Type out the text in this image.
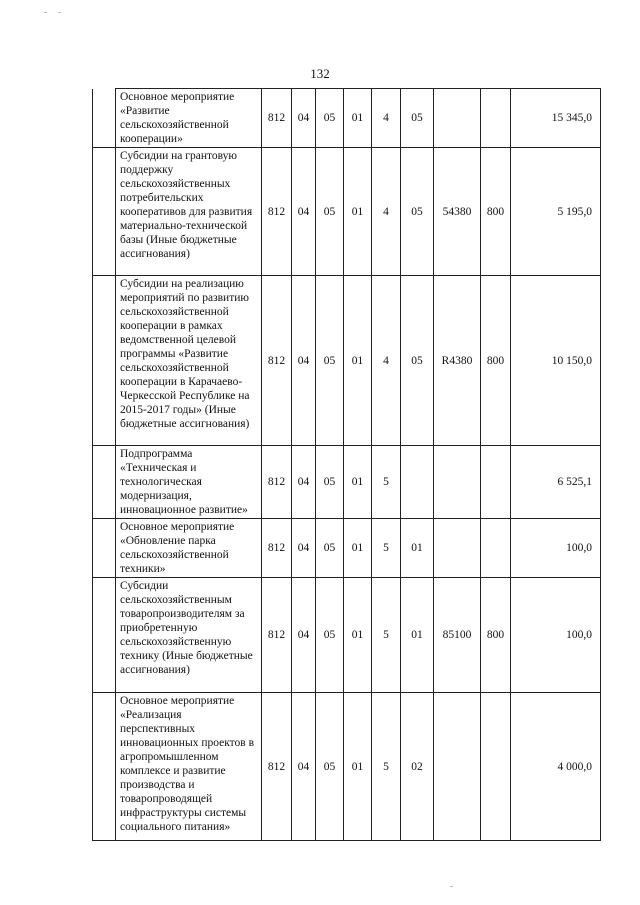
132
	Основное мероприятие «Развитие сельскохозяйственной кооперации»	812	04	05	01	4	05			15 345,0
	Субсидии на грантовую поддержку сельскохозяйственных потребительских кооперативов для развития материально-технической базы (Иные бюджетные ассигнования)	812	04	05	01	4	05	54380	800	5 195,0
	Субсидии на реализацию мероприятий по развитию сельскохозяйственной кооперации в рамках ведомственной целевой программы «Развитие сельскохозяйственной кооперации в Карачаево-Черкесской Республике на 2015-2017 годы» (Иные бюджетные ассигнования)	812	04	05	01	4	05	R4380	800	10 150,0
	Подпрограмма «Техническая и технологическая модернизация, инновационное развитие»	812	04	05	01	5				6 525,1
	Основное мероприятие «Обновление парка сельскохозяйственной техники»	812	04	05	01	5	01			100,0
	Субсидии сельскохозяйственным товаропроизводителям за приобретенную сельскохозяйственную технику (Иные бюджетные ассигнования)	812	04	05	01	5	01	85100	800	100,0
	Основное мероприятие «Реализация перспективных инновационных проектов в агропромышленном комплексе и развитие производства и товаропроводящей инфраструктуры системы социального питания»	812	04	05	01	5	02			4 000,0
